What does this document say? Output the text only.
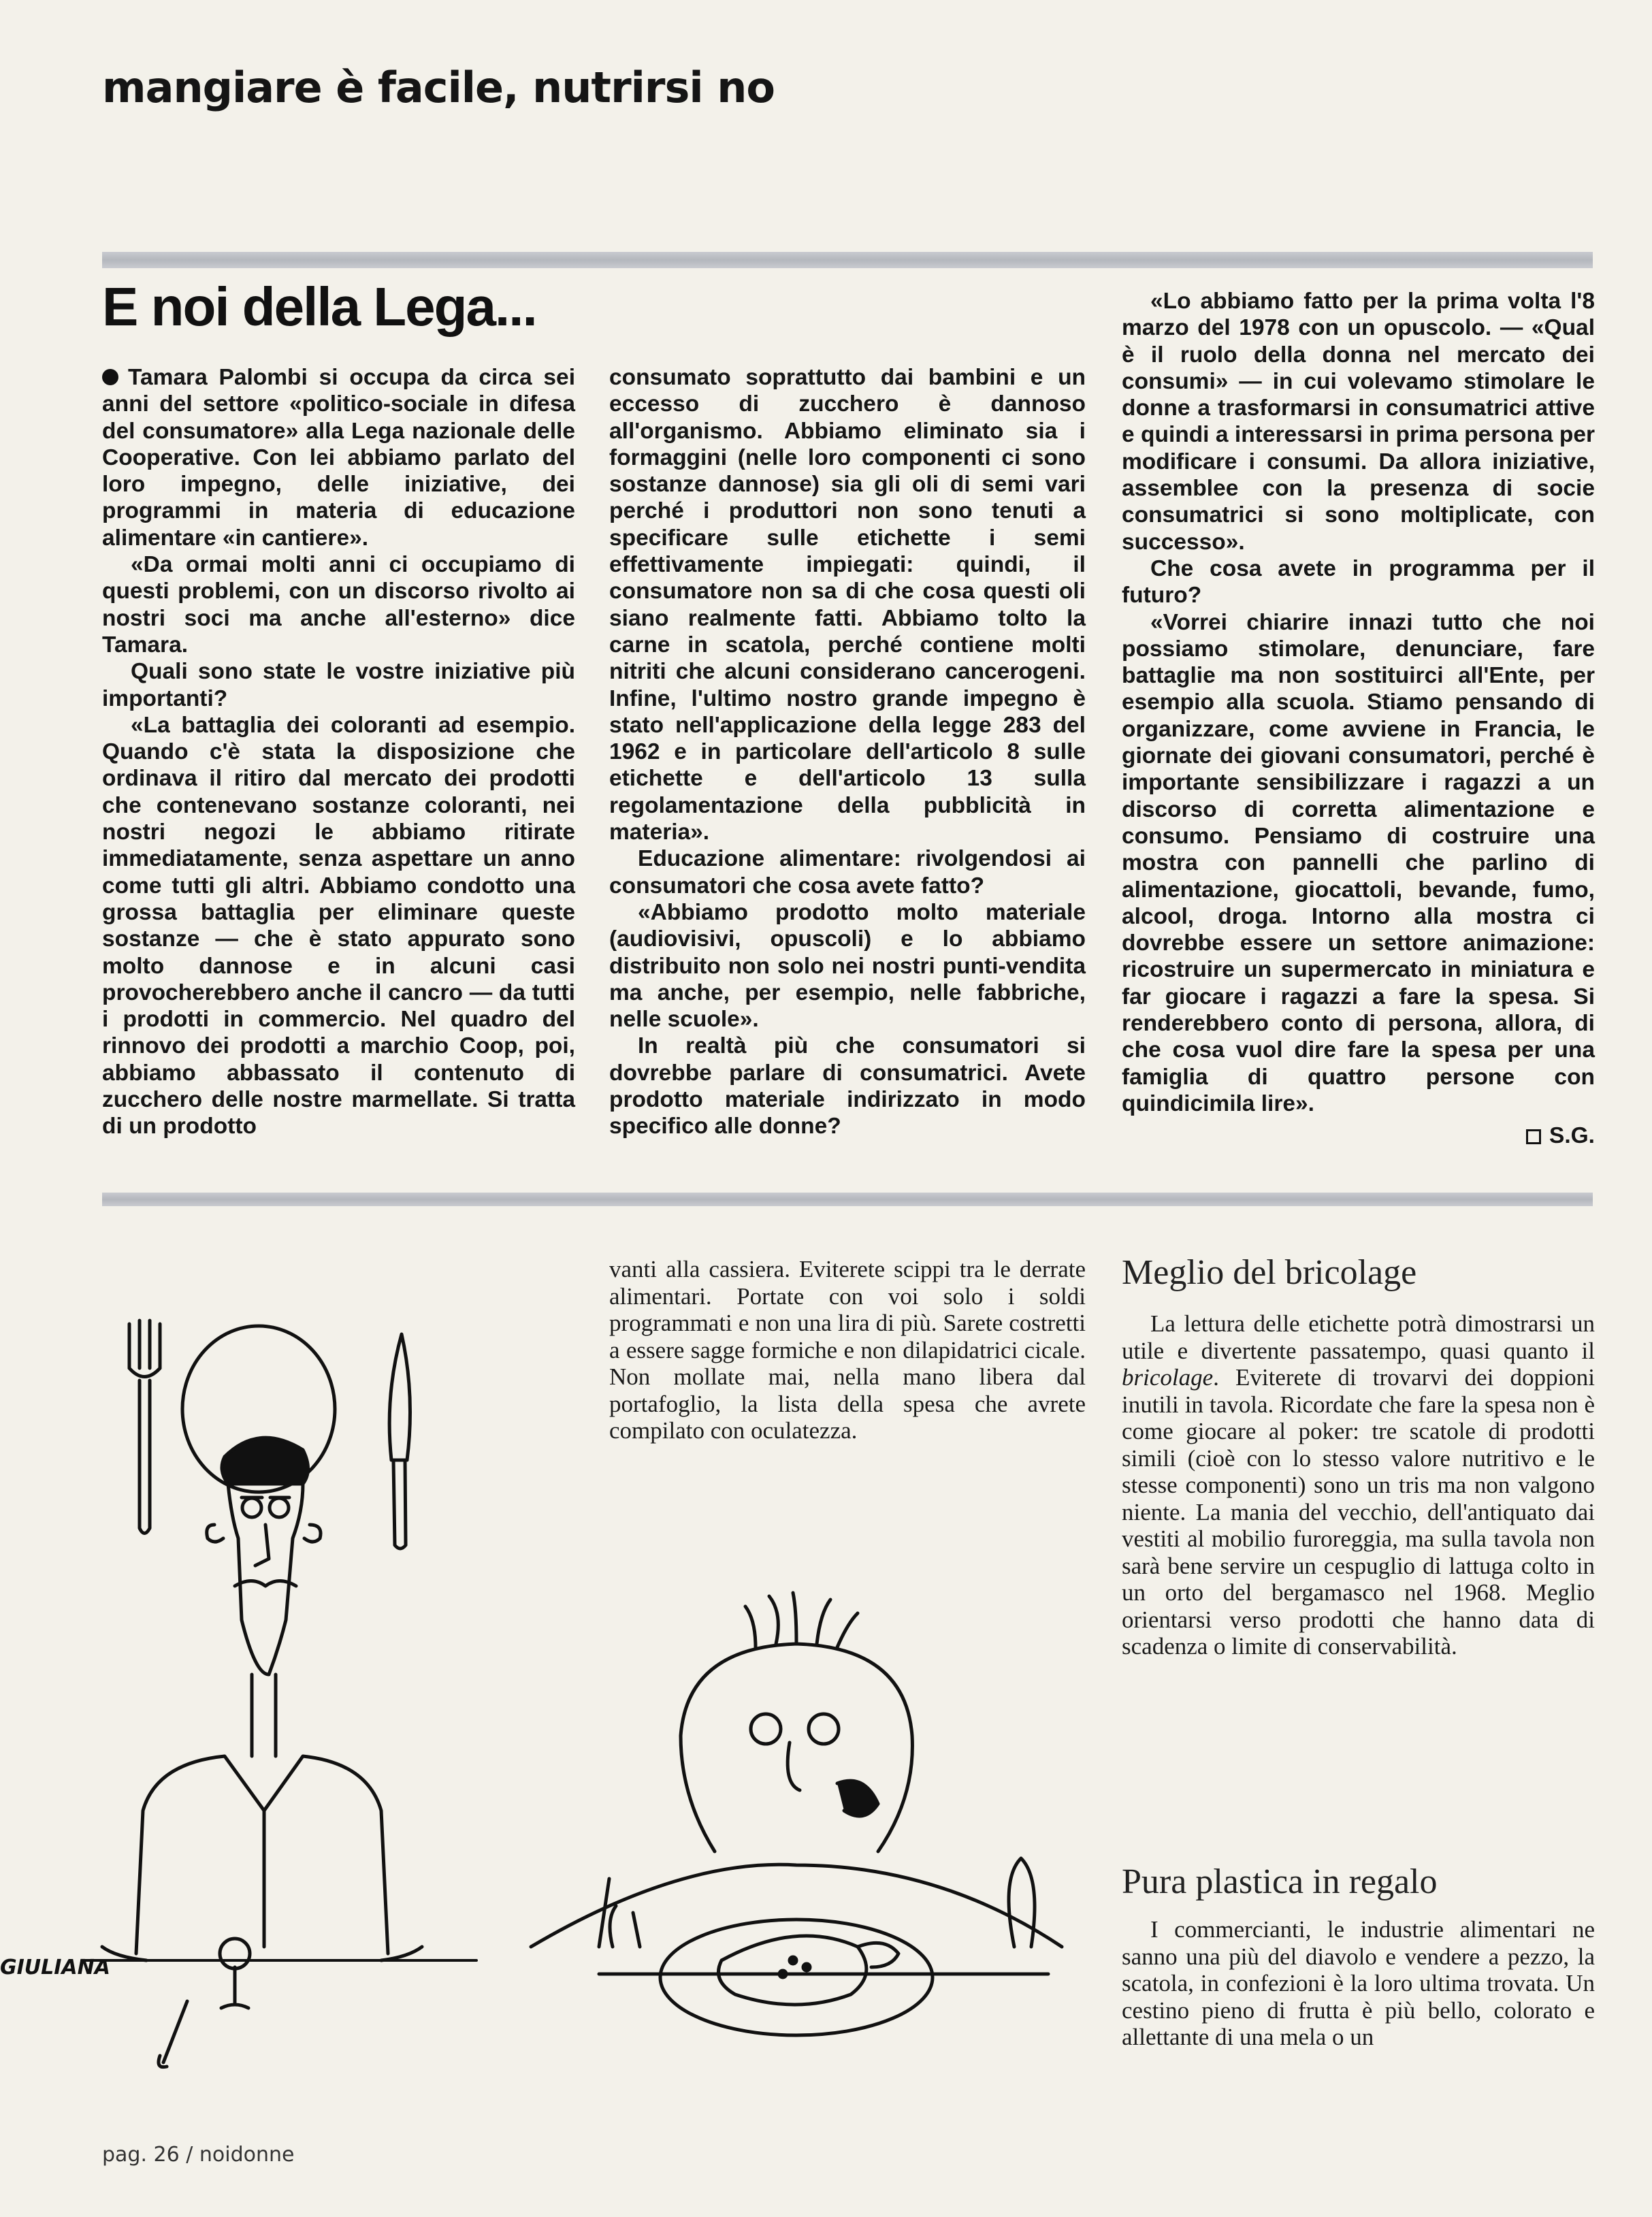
mangiare è facile, nutrirsi no
E noi della Lega...

Tamara Palombi si occupa da circa sei anni del settore «politico-sociale in difesa del consumatore» alla Lega nazionale delle Cooperative. Con lei abbiamo parlato del loro impegno, delle iniziative, dei programmi in materia di educazione alimentare «in cantiere».

«Da ormai molti anni ci occupiamo di questi problemi, con un discorso rivolto ai nostri soci ma anche all'esterno» dice Tamara.

Quali sono state le vostre iniziative più importanti?

«La battaglia dei coloranti ad esempio. Quando c'è stata la disposizione che ordinava il ritiro dal mercato dei prodotti che contenevano sostanze coloranti, nei nostri negozi le abbiamo ritirate immediatamente, senza aspettare un anno come tutti gli altri. Abbiamo condotto una grossa battaglia per eliminare queste sostanze — che è stato appurato sono molto dannose e in alcuni casi provocherebbero anche il cancro — da tutti i prodotti in commercio. Nel quadro del rinnovo dei prodotti a marchio Coop, poi, abbiamo abbassato il contenuto di zucchero delle nostre marmellate. Si tratta di un prodotto

consumato soprattutto dai bambini e un eccesso di zucchero è dannoso all'organismo. Abbiamo eliminato sia i formaggini (nelle loro componenti ci sono sostanze dannose) sia gli oli di semi vari perché i produttori non sono tenuti a specificare sulle etichette i semi effettivamente impiegati: quindi, il consumatore non sa di che cosa questi oli siano realmente fatti. Abbiamo tolto la carne in scatola, perché contiene molti nitriti che alcuni considerano cancerogeni. Infine, l'ultimo nostro grande impegno è stato nell'applicazione della legge 283 del 1962 e in particolare dell'articolo 8 sulle etichette e dell'articolo 13 sulla regolamentazione della pubblicità in materia».

Educazione alimentare: rivolgendosi ai consumatori che cosa avete fatto?

«Abbiamo prodotto molto materiale (audiovisivi, opuscoli) e lo abbiamo distribuito non solo nei nostri punti-vendita ma anche, per esempio, nelle fabbriche, nelle scuole».

In realtà più che consumatori si dovrebbe parlare di consumatrici. Avete prodotto materiale indirizzato in modo specifico alle donne?

«Lo abbiamo fatto per la prima volta l'8 marzo del 1978 con un opuscolo. — «Qual è il ruolo della donna nel mercato dei consumi» — in cui volevamo stimolare le donne a trasformarsi in consumatrici attive e quindi a interessarsi in prima persona per modificare i consumi. Da allora iniziative, assemblee con la presenza di socie consumatrici si sono moltiplicate, con successo».

Che cosa avete in programma per il futuro?

«Vorrei chiarire innazi tutto che noi possiamo stimolare, denunciare, fare battaglie ma non sostituirci all'Ente, per esempio alla scuola. Stiamo pensando di organizzare, come avviene in Francia, le giornate dei giovani consumatori, perché è importante sensibilizzare i ragazzi a un discorso di corretta alimentazione e consumo. Pensiamo di costruire una mostra con pannelli che parlino di alimentazione, giocattoli, bevande, fumo, alcool, droga. Intorno alla mostra ci dovrebbe essere un settore animazione: ricostruire un supermercato in miniatura e far giocare i ragazzi a fare la spesa. Si renderebbero conto di persona, allora, di che cosa vuol dire fare la spesa per una famiglia di quattro persone con quindicimila lire».

S.G.
GIULIANA

vanti alla cassiera. Eviterete scippi tra le derrate alimentari. Portate con voi solo i soldi programmati e non una lira di più. Sarete costretti a essere sagge formiche e non dilapidatrici cicale. Non mollate mai, nella mano libera dal portafoglio, la lista della spesa che avrete compilato con oculatezza.

Meglio del bricolage

La lettura delle etichette potrà dimostrarsi un utile e divertente passatempo, quasi quanto il bricolage. Eviterete di trovarvi dei doppioni inutili in tavola. Ricordate che fare la spesa non è come giocare al poker: tre scatole di prodotti simili (cioè con lo stesso valore nutritivo e le stesse componenti) sono un tris ma non valgono niente. La mania del vecchio, dell'antiquato dai vestiti al mobilio furoreggia, ma sulla tavola non sarà bene servire un cespuglio di lattuga colto in un orto del bergamasco nel 1968. Meglio orientarsi verso prodotti che hanno data di scadenza o limite di conservabilità.

Pura plastica in regalo

I commercianti, le industrie alimentari ne sanno una più del diavolo e vendere a pezzo, la scatola, in confezioni è la loro ultima trovata. Un cestino pieno di frutta è più bello, colorato e allettante di una mela o un

pag. 26 / noidonne
